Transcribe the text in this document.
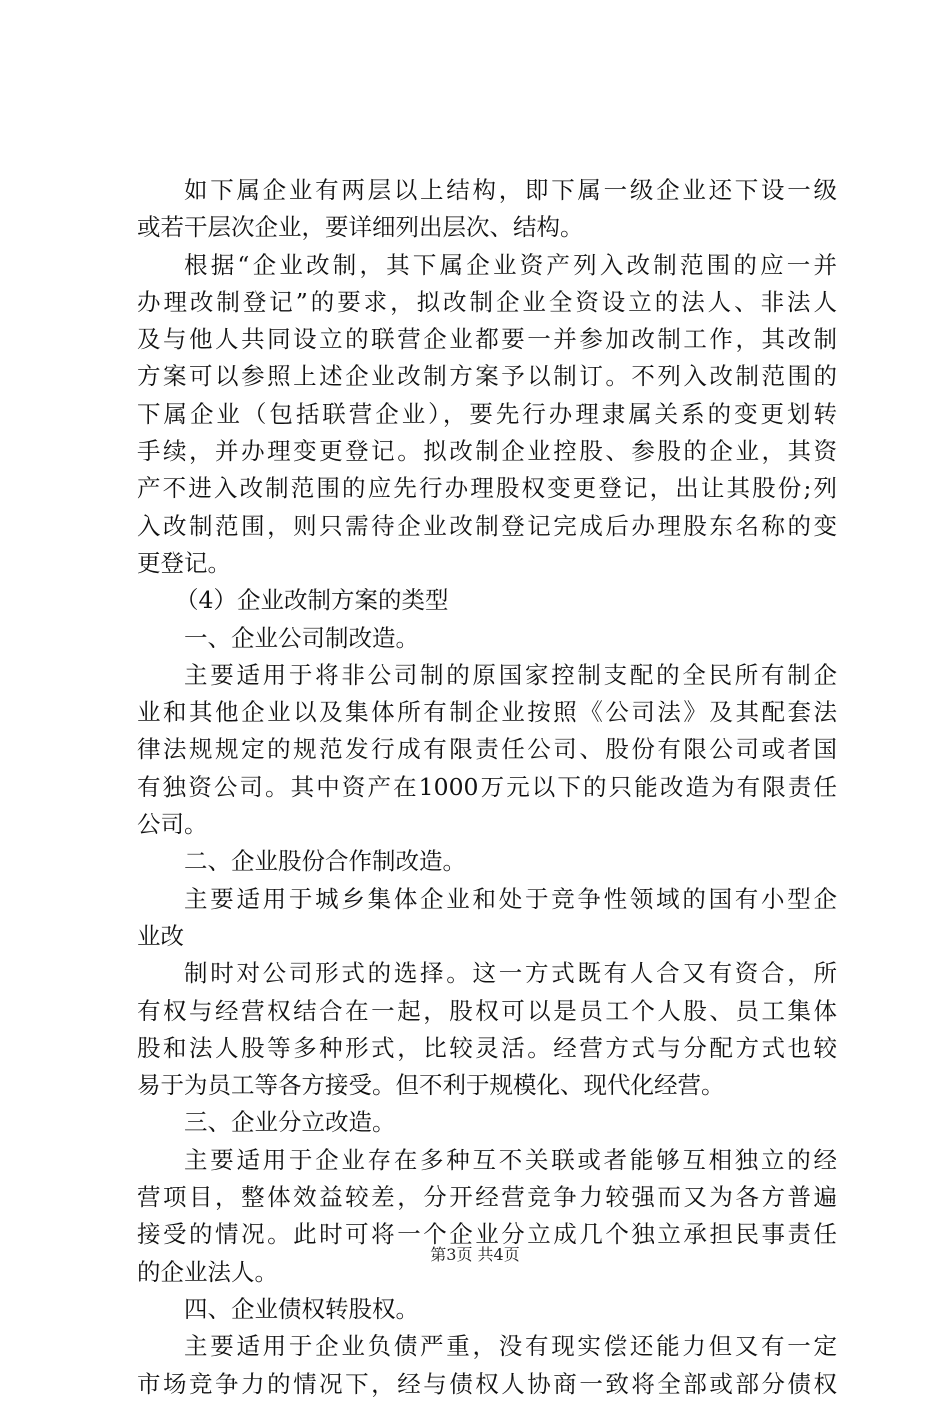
如下属企业有两层以上结构，即下属一级企业还下设一级
或若干层次企业，要详细列出层次、结构。
根据“企业改制，其下属企业资产列入改制范围的应一并
办理改制登记”的要求，拟改制企业全资设立的法人、非法人
及与他人共同设立的联营企业都要一并参加改制工作，其改制
方案可以参照上述企业改制方案予以制订。不列入改制范围的
下属企业（包括联营企业），要先行办理隶属关系的变更划转
手续，并办理变更登记。拟改制企业控股、参股的企业，其资
产不进入改制范围的应先行办理股权变更登记，出让其股份;列
入改制范围，则只需待企业改制登记完成后办理股东名称的变
更登记。
（4）企业改制方案的类型
一、企业公司制改造。
主要适用于将非公司制的原国家控制支配的全民所有制企
业和其他企业以及集体所有制企业按照《公司法》及其配套法
律法规规定的规范发行成有限责任公司、股份有限公司或者国
有独资公司。其中资产在1000万元以下的只能改造为有限责任
公司。
二、企业股份合作制改造。
主要适用于城乡集体企业和处于竞争性领域的国有小型企
业改
制时对公司形式的选择。这一方式既有人合又有资合，所
有权与经营权结合在一起，股权可以是员工个人股、员工集体
股和法人股等多种形式，比较灵活。经营方式与分配方式也较
易于为员工等各方接受。但不利于规模化、现代化经营。
三、企业分立改造。
主要适用于企业存在多种互不关联或者能够互相独立的经
营项目，整体效益较差，分开经营竞争力较强而又为各方普遍
接受的情况。此时可将一个企业分立成几个独立承担民事责任
的企业法人。
四、企业债权转股权。
主要适用于企业负债严重，没有现实偿还能力但又有一定
市场竞争力的情况下，经与债权人协商一致将全部或部分债权
第3页 共4页
